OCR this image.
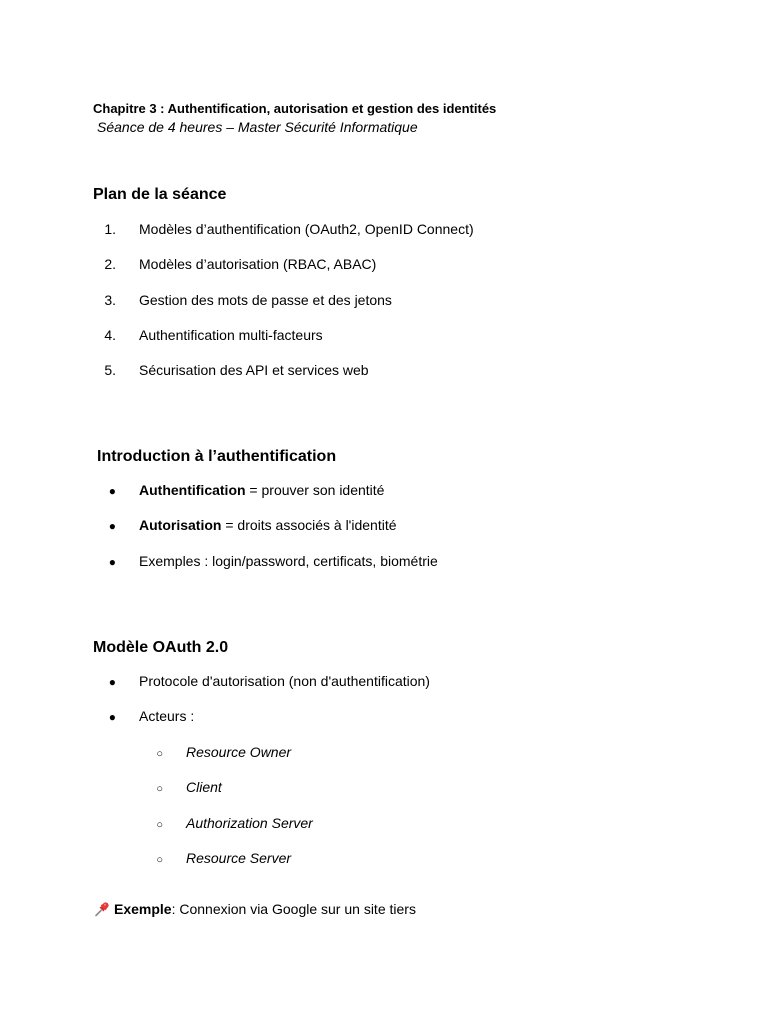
Chapitre 3 : Authentification, autorisation et gestion des identités
Séance de 4 heures – Master Sécurité Informatique
Plan de la séance
1. Modèles d’authentification (OAuth2, OpenID Connect)
2. Modèles d’autorisation (RBAC, ABAC)
3. Gestion des mots de passe et des jetons
4. Authentification multi-facteurs
5. Sécurisation des API et services web
Introduction à l’authentification
● Authentification = prouver son identité
● Autorisation = droits associés à l'identité
● Exemples : login/password, certificats, biométrie
Modèle OAuth 2.0
● Protocole d'autorisation (non d'authentification)
● Acteurs :
○ Resource Owner
○ Client
○ Authorization Server
○ Resource Server
Exemple : Connexion via Google sur un site tiers
